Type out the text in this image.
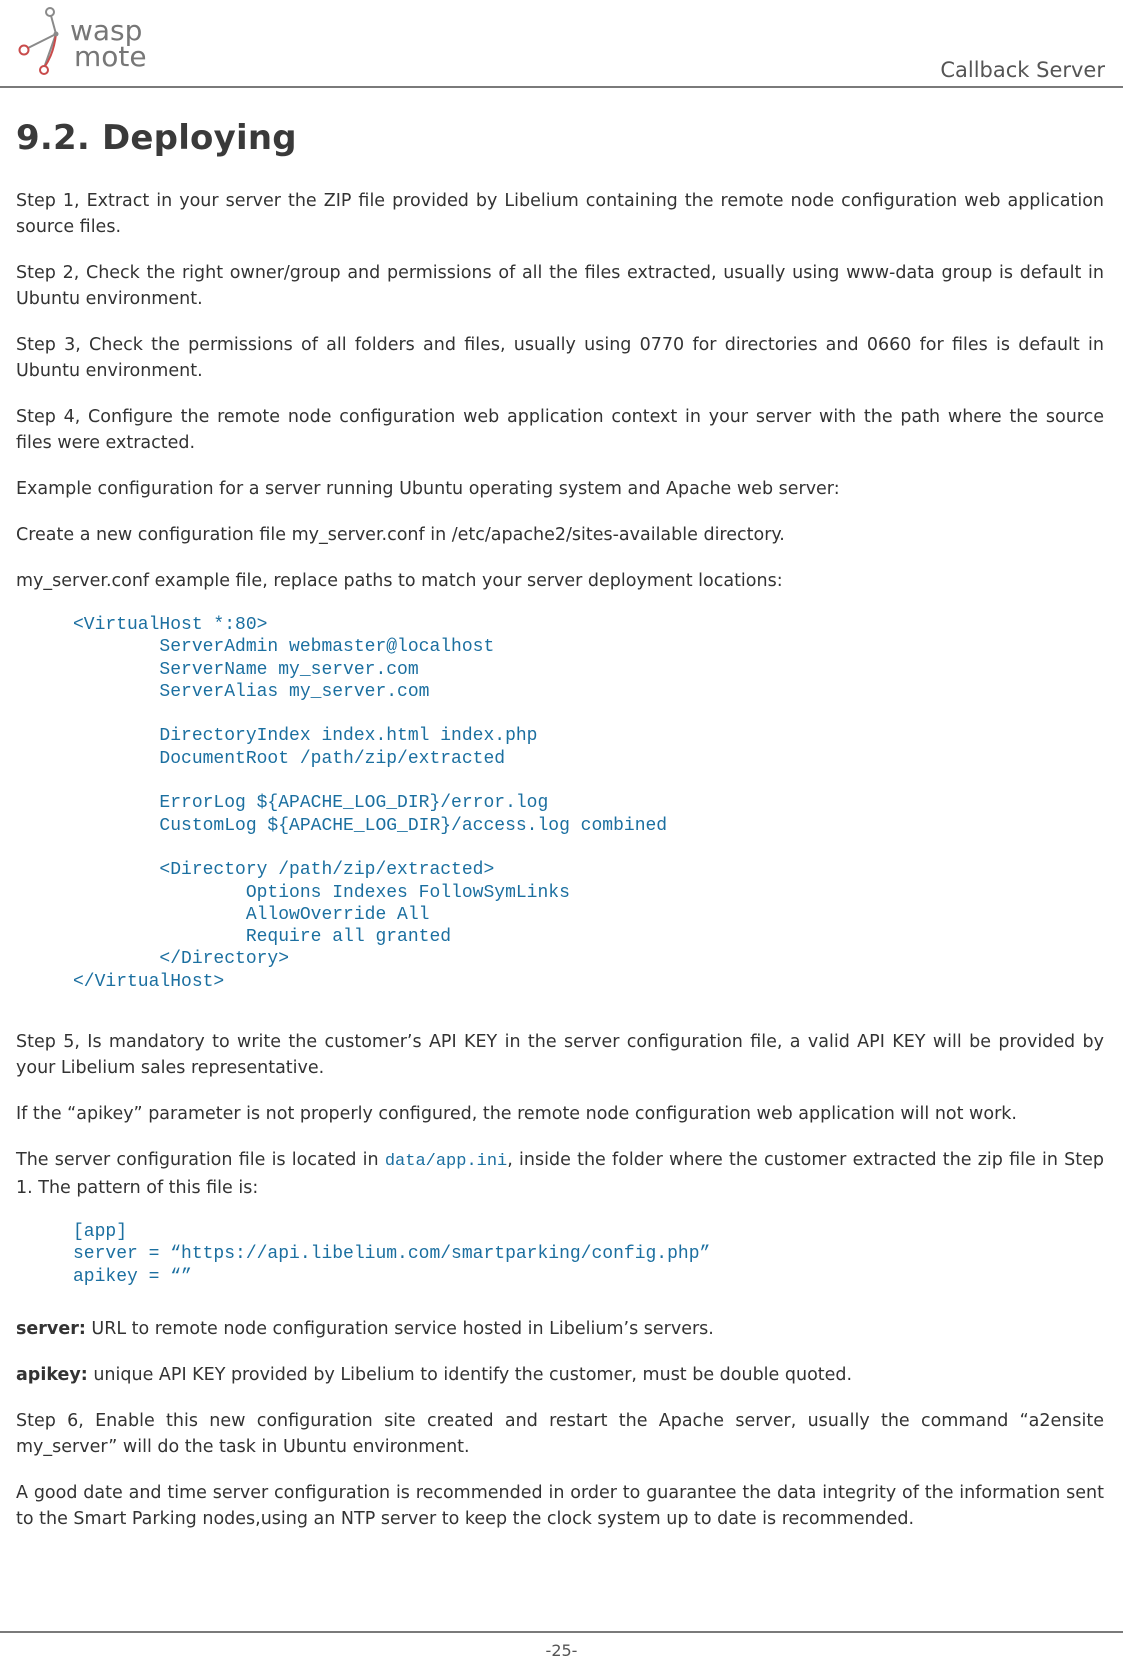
wasp
mote	Callback Server
9.2. Deploying

Step 1, Extract in your server the ZIP file provided by Libelium containing the remote node configuration web application source files.

Step 2, Check the right owner/group and permissions of all the files extracted, usually using www-data group is default in Ubuntu environment.

Step 3, Check the permissions of all folders and files, usually using 0770 for directories and 0660 for files is default in Ubuntu environment.

Step 4, Configure the remote node configuration web application context in your server with the path where the source files were extracted.

Example configuration for a server running Ubuntu operating system and Apache web server:

Create a new configuration file my_server.conf in /etc/apache2/sites-available directory.

my_server.conf example file, replace paths to match your server deployment locations:

<VirtualHost *:80>
ServerAdmin webmaster@localhost
ServerName my_server.com
ServerAlias my_server.com

DirectoryIndex index.html index.php
DocumentRoot /path/zip/extracted

ErrorLog ${APACHE_LOG_DIR}/error.log
CustomLog ${APACHE_LOG_DIR}/access.log combined

<Directory /path/zip/extracted>
Options Indexes FollowSymLinks
AllowOverride All
Require all granted
</Directory>
</VirtualHost>

Step 5, Is mandatory to write the customer’s API KEY in the server configuration file, a valid API KEY will be provided by your Libelium sales representative.

If the “apikey” parameter is not properly configured, the remote node configuration web application will not work.

The server configuration file is located in data/app.ini, inside the folder where the customer extracted the zip file in Step 1. The pattern of this file is:

[app]
server = “https://api.libelium.com/smartparking/config.php”
apikey = “”

server: URL to remote node configuration service hosted in Libelium’s servers.

apikey: unique API KEY provided by Libelium to identify the customer, must be double quoted.

Step 6, Enable this new configuration site created and restart the Apache server, usually the command “a2ensite my_server” will do the task in Ubuntu environment.

A good date and time server configuration is recommended in order to guarantee the data integrity of the information sent to the Smart Parking nodes,using an NTP server to keep the clock system up to date is recommended.

-25-
